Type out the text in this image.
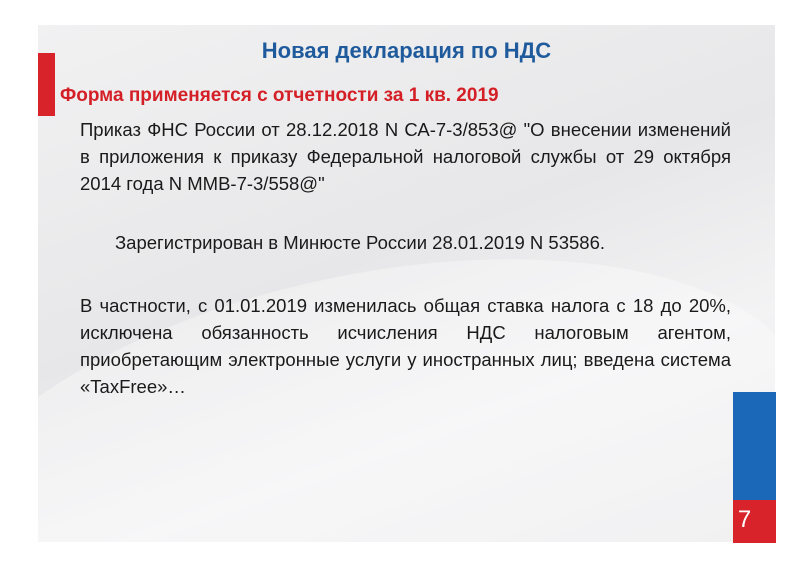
Новая декларация по НДС

Форма применяется с отчетности за 1 кв. 2019

Приказ ФНС России от 28.12.2018 N СА-7-3/853@ "О внесении изменений в приложения к приказу Федеральной налоговой службы от 29 октября 2014 года N ММВ-7-3/558@"

Зарегистрирован в Минюсте России 28.01.2019 N 53586.

В частности, с 01.01.2019 изменилась общая ставка налога с 18 до 20%, исключена обязанность исчисления НДС налоговым агентом, приобретающим электронные услуги у иностранных лиц; введена система «TaxFree»…

7
